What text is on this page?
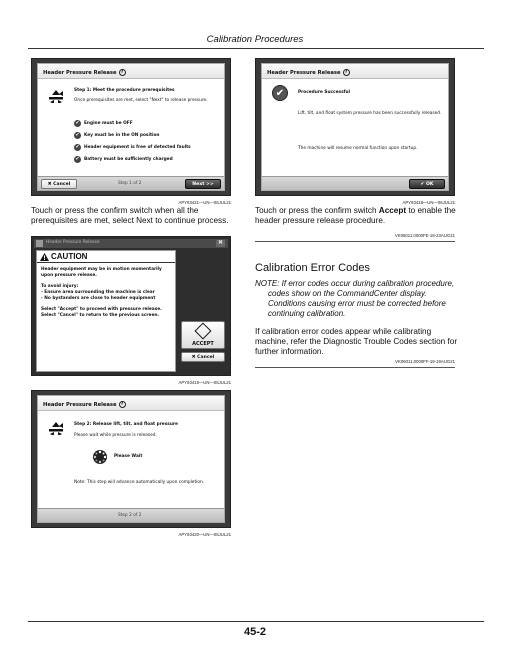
Calibration Procedures
Header Pressure Release ?
Step 1: Meet the procedure prerequisites
Once prerequisites are met, select "Next" to release pressure.
✔	Engine must be OFF
✔	Key must be in the ON position
✔	Header equipment is free of detected faults
✔	Battery must be sufficiently charged
✖ Cancel	Step 1 of 2	Next >>
APY93421—UN—06JUL21
Touch or press the confirm switch when all the prerequisites are met, select Next to continue process.
Header Pressure Release ?
✔	Procedure Successful
Lift, tilt, and float system pressure has been successfully released.
The machine will resume normal function upon startup.
✔ OK
APY93418—UN—06JUL21
Touch or press the confirm switch Accept to enable the header pressure release procedure.
VK06011,0000FE-19-23AUG21
Header Pressure Release	✖
CAUTION
Header equipment may be in motion momentarily upon pressure release.
To avoid injury:
- Ensure area surrounding the machine is clear
- No bystanders are close to header equipment
Select "Accept" to proceed with pressure release. Select "Cancel" to return to the previous screen.
ACCEPT
✖ Cancel
APY93419—UN—06JUL21
Header Pressure Release ?
Step 2: Release lift, tilt, and float pressure
Please wait while pressure is released.
Please Wait
Note: This step will advance automatically upon completion.
Step 2 of 2
APY93420—UN—06JUL21
Calibration Error Codes
NOTE: If error codes occur during calibration procedure, codes show on the CommandCenter display. Conditions causing error must be corrected before continuing calibration.
If calibration error codes appear while calibrating machine, refer the Diagnostic Trouble Codes section for further information.
VK06011,0000FF-19-19AUG21
45-2
